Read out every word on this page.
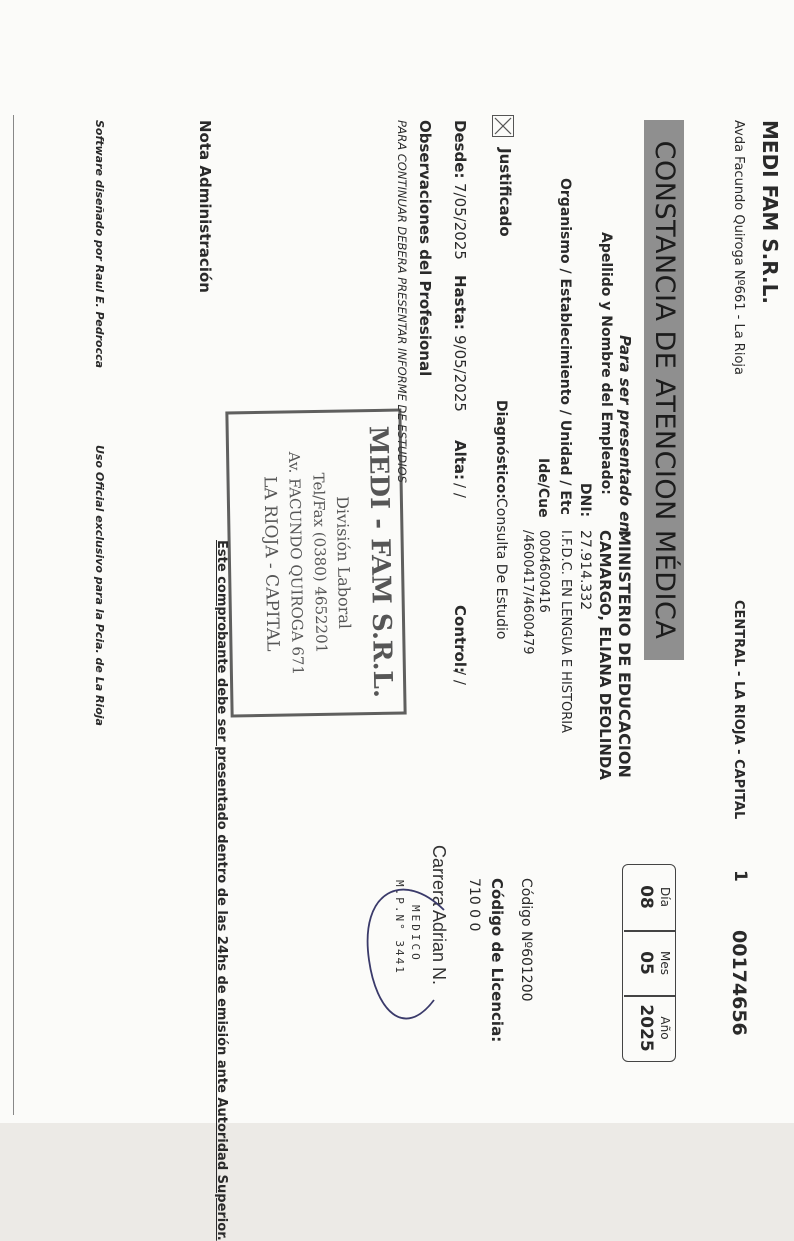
MEDI FAM S.R.L.
Avda Facundo Quiroga Nº661 - La Rioja
CENTRAL - LA RIOJA - CAPITAL
1
00174656
CONSTANCIA DE ATENCION MÉDICA
Día
08
Mes
05
Año
2025
Para ser presentado en:
MINISTERIO DE EDUCACION
Apellido y Nombre del Empleado:
CAMARGO, ELIANA DEOLINDA
DNI:
27.914.332
Organismo / Establecimiento / Unidad / Etc
I.F.D.C. EN LENGUA E HISTORIA
Ide/Cue
0004600416
/4600417/4600479
Código Nº601200
Código de Licencia:
710 0 0
Justificado
Diagnóstico:
Consulta De Estudio
Desde:
7/05/2025
Hasta:
9/05/2025
Alta:
/ /
Control:
/ /
Observaciones del Profesional
PARA CONTINUAR DEBERA PRESENTAR INFORME DE ESTUDIOS
Nota Administración
MEDI - FAM S.R.L.
División Laboral
Tel/Fax (0380) 4652201
Av. FACUNDO QUIROGA 671
LA RIOJA - CAPITAL
Carrera Adrian N.
MEDICO
M.P.N° 3441
Este comprobante debe ser presentado dentro de las 24hs de emisión ante Autoridad Superior.
Software diseñado por Raul E. Pedrocca
Uso Oficial exclusivo para la Pcia. de La Rioja
